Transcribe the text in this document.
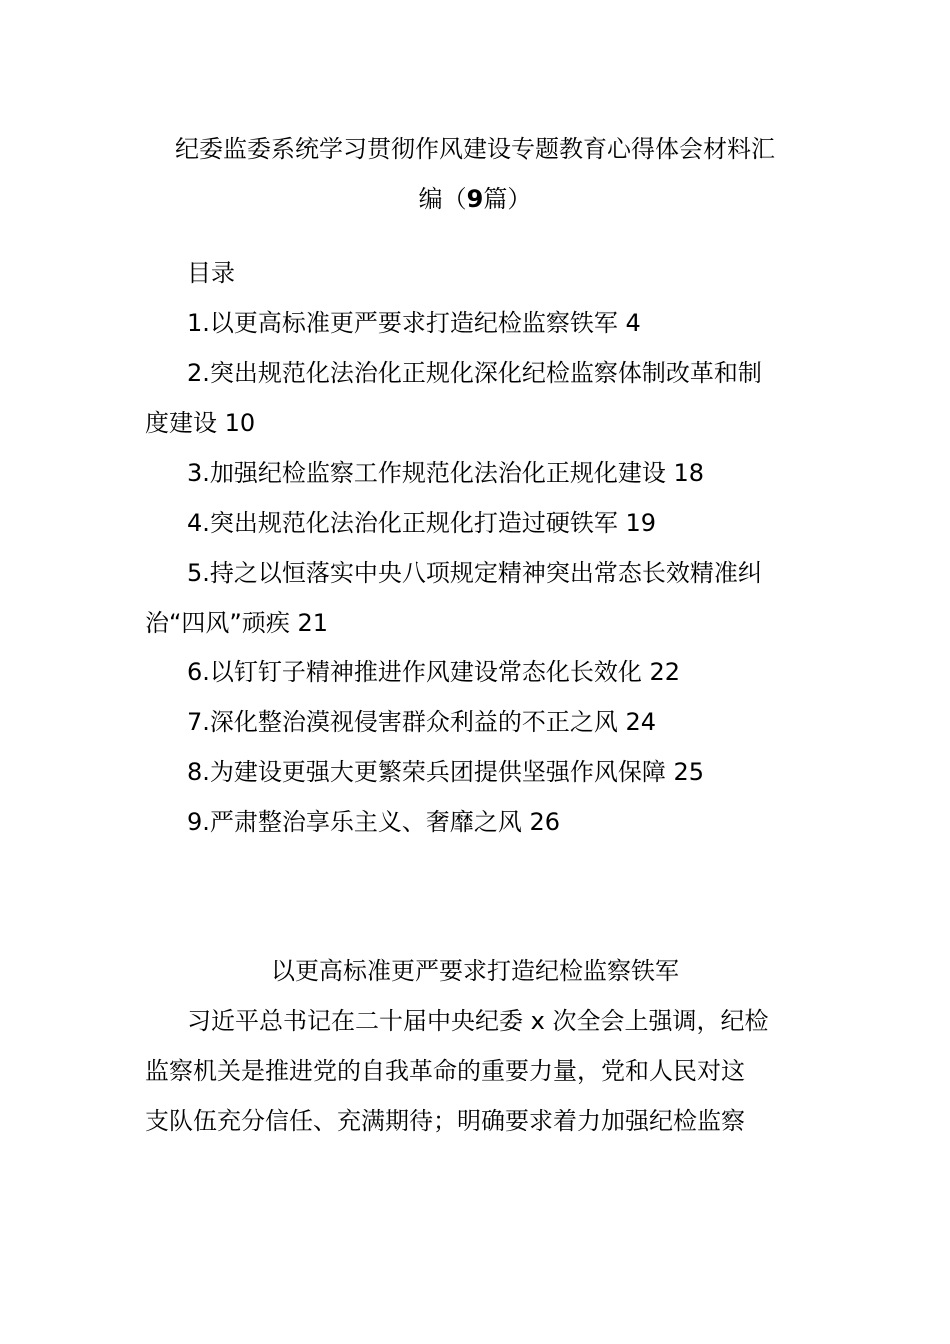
纪委监委系统学习贯彻作风建设专题教育心得体会材料汇
编（9篇）
目录
1.以更高标准更严要求打造纪检监察铁军 4
2.突出规范化法治化正规化深化纪检监察体制改革和制
度建设 10
3.加强纪检监察工作规范化法治化正规化建设 18
4.突出规范化法治化正规化打造过硬铁军 19
5.持之以恒落实中央八项规定精神突出常态长效精准纠
治“四风”顽疾 21
6.以钉钉子精神推进作风建设常态化长效化 22
7.深化整治漠视侵害群众利益的不正之风 24
8.为建设更强大更繁荣兵团提供坚强作风保障 25
9.严肃整治享乐主义、奢靡之风 26
以更高标准更严要求打造纪检监察铁军
习近平总书记在二十届中央纪委 x 次全会上强调，纪检
监察机关是推进党的自我革命的重要力量，党和人民对这
支队伍充分信任、充满期待；明确要求着力加强纪检监察
